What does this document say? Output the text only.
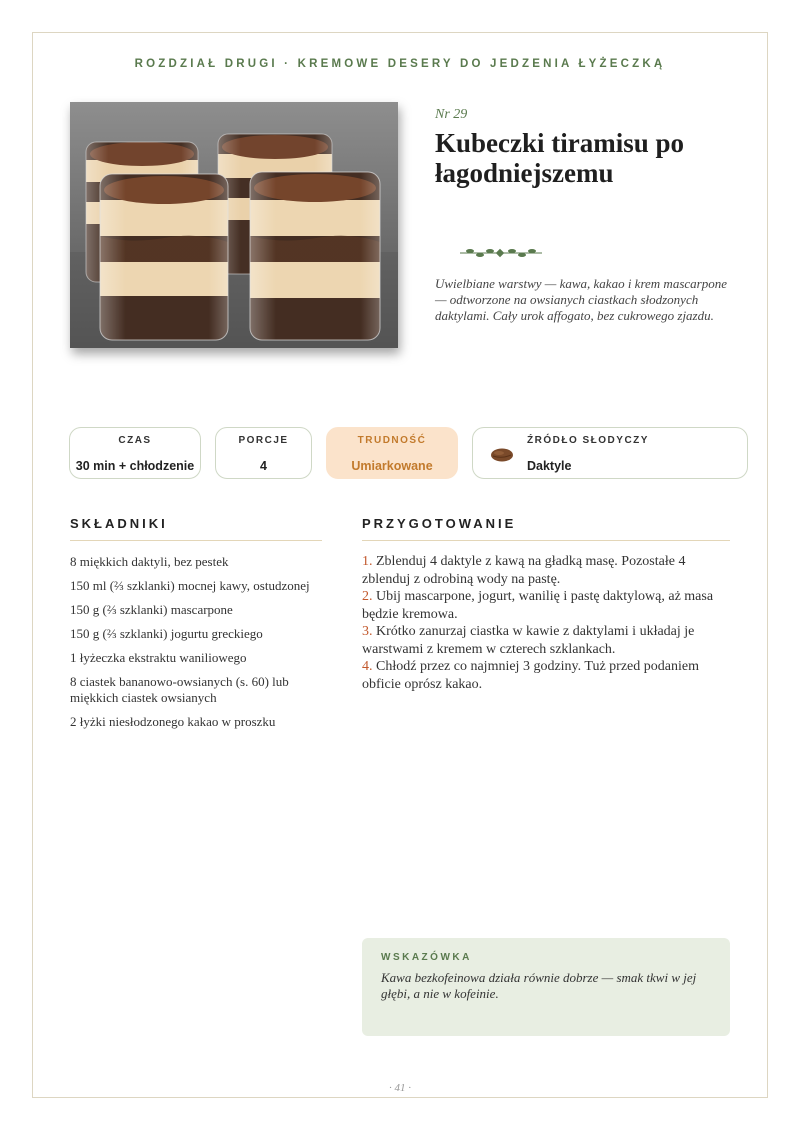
ROZDZIAŁ DRUGI · KREMOWE DESERY DO JEDZENIA ŁYŻECZKĄ
Nr 29
Kubeczki tiramisu po łagodniejszemu

Uwielbiane warstwy — kawa, kakao i krem mascarpone — odtworzone na owsianych ciastkach słodzonych daktylami. Cały urok affogato, bez cukrowego zjazdu.

CZAS
30 min + chłodzenie
PORCJE
4
TRUDNOŚĆ
Umiarkowane
ŹRÓDŁO SŁODYCZY
Daktyle
SKŁADNIKI
8 miękkich daktyli, bez pestek
150 ml (⅔ szklanki) mocnej kawy, ostudzonej
150 g (⅔ szklanki) mascarpone
150 g (⅔ szklanki) jogurtu greckiego
1 łyżeczka ekstraktu waniliowego
8 ciastek bananowo-owsianych (s. 60) lub miękkich ciastek owsianych
2 łyżki niesłodzonego kakao w proszku
PRZYGOTOWANIE
1. Zblenduj 4 daktyle z kawą na gładką masę. Pozostałe 4 zblenduj z odrobiną wody na pastę.
2. Ubij mascarpone, jogurt, wanilię i pastę daktylową, aż masa będzie kremowa.
3. Krótko zanurzaj ciastka w kawie z daktylami i układaj je warstwami z kremem w czterech szklankach.
4. Chłodź przez co najmniej 3 godziny. Tuż przed podaniem obficie oprósz kakao.
WSKAZÓWKA

Kawa bezkofeinowa działa równie dobrze — smak tkwi w jej głębi, a nie w kofeinie.

· 41 ·
